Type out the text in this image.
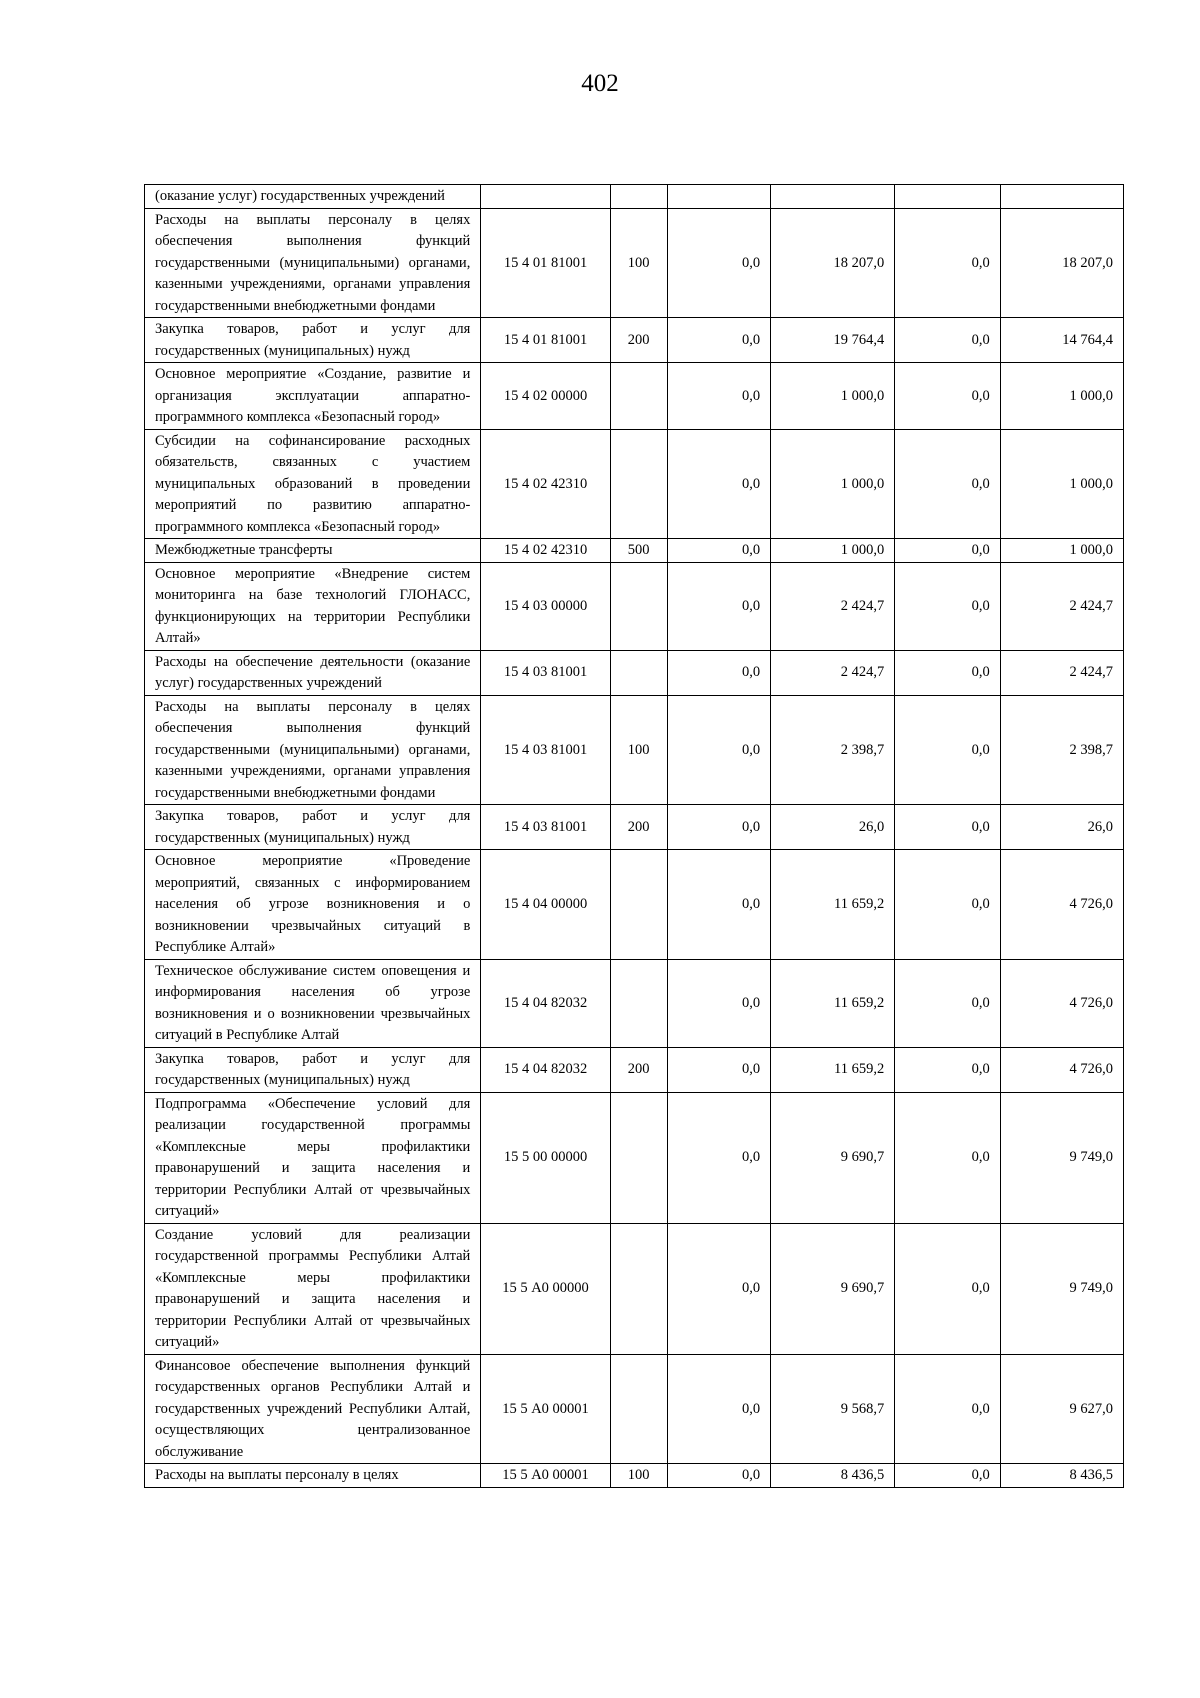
402
(оказание услуг) государственных учреждений						
Расходы на выплаты персоналу в целях обеспечения выполнения функций государственными (муниципальными) органами, казенными учреждениями, органами управления государственными внебюджетными фондами	15 4 01 81001	100	0,0	18 207,0	0,0	18 207,0
Закупка товаров, работ и услуг для государственных (муниципальных) нужд	15 4 01 81001	200	0,0	19 764,4	0,0	14 764,4
Основное мероприятие «Создание, развитие и организация эксплуатации аппаратно-программного комплекса «Безопасный город»	15 4 02 00000		0,0	1 000,0	0,0	1 000,0
Субсидии на софинансирование расходных обязательств, связанных с участием муниципальных образований в проведении мероприятий по развитию аппаратно-программного комплекса «Безопасный город»	15 4 02 42310		0,0	1 000,0	0,0	1 000,0
Межбюджетные трансферты	15 4 02 42310	500	0,0	1 000,0	0,0	1 000,0
Основное мероприятие «Внедрение систем мониторинга на базе технологий ГЛОНАСС, функционирующих на территории Республики Алтай»	15 4 03 00000		0,0	2 424,7	0,0	2 424,7
Расходы на обеспечение деятельности (оказание услуг) государственных учреждений	15 4 03 81001		0,0	2 424,7	0,0	2 424,7
Расходы на выплаты персоналу в целях обеспечения выполнения функций государственными (муниципальными) органами, казенными учреждениями, органами управления государственными внебюджетными фондами	15 4 03 81001	100	0,0	2 398,7	0,0	2 398,7
Закупка товаров, работ и услуг для государственных (муниципальных) нужд	15 4 03 81001	200	0,0	26,0	0,0	26,0
Основное мероприятие «Проведение мероприятий, связанных с информированием населения об угрозе возникновения и о возникновении чрезвычайных ситуаций в Республике Алтай»	15 4 04 00000		0,0	11 659,2	0,0	4 726,0
Техническое обслуживание систем оповещения и информирования населения об угрозе возникновения и о возникновении чрезвычайных ситуаций в Республике Алтай	15 4 04 82032		0,0	11 659,2	0,0	4 726,0
Закупка товаров, работ и услуг для государственных (муниципальных) нужд	15 4 04 82032	200	0,0	11 659,2	0,0	4 726,0
Подпрограмма «Обеспечение условий для реализации государственной программы «Комплексные меры профилактики правонарушений и защита населения и территории Республики Алтай от чрезвычайных ситуаций»	15 5 00 00000		0,0	9 690,7	0,0	9 749,0
Создание условий для реализации государственной программы Республики Алтай «Комплексные меры профилактики правонарушений и защита населения и территории Республики Алтай от чрезвычайных ситуаций»	15 5 А0 00000		0,0	9 690,7	0,0	9 749,0
Финансовое обеспечение выполнения функций государственных органов Республики Алтай и государственных учреждений Республики Алтай, осуществляющих централизованное обслуживание	15 5 А0 00001		0,0	9 568,7	0,0	9 627,0
Расходы на выплаты персоналу в целях	15 5 А0 00001	100	0,0	8 436,5	0,0	8 436,5
